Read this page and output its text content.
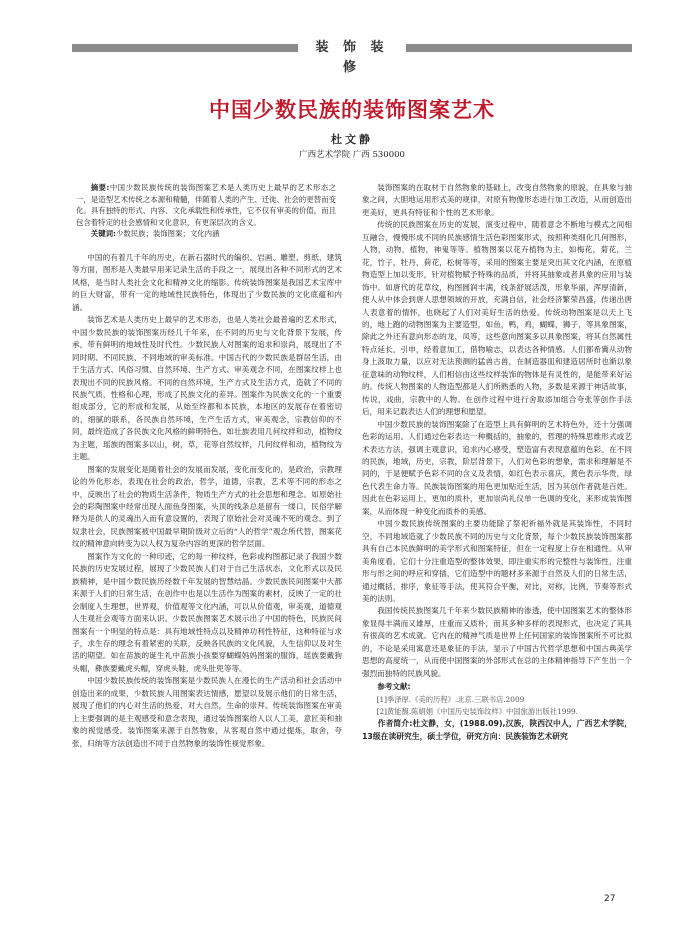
装 饰 装 修
中国少数民族的装饰图案艺术
杜文静
广西艺术学院 广西 530000

摘要:中国少数民族传统的装饰图案艺术是人类历史上最早的艺术形态之一，是造型艺术传统之本源和精髓，伴随着人类的产生、迁徙、社会的更替而变化。具有独特的形式、内容、文化承载性和传承性，它不仅有审美的价值，而且包含着特定的社会感情和文化意识，有更深层次的含义。

关键词:少数民族；装饰图案；文化内涵

中国的有着几千年的历史，在新石器时代的编织、岩画、雕塑、剪纸、建筑等方面，图形是人类最早用来记录生活的手段之一，展现出各种不同形式的艺术风格，是当时人类社会文化和精神文化的缩影。传统装饰图案是我国艺术宝库中的巨大财富，带有一定的地域性民族特色，体现出了少数民族的文化底蕴和内涵。

装饰艺术是人类历史上最早的艺术形态，也是人类社会最普遍的艺术形式，中国少数民族的装饰图案历经几千年来，在不同的历史与文化背景下发展，传承，带有鲜明的地域性及时代性。少数民族人对图案的追求和崇尚，展现出了不同时期、不同民族、不同地域的审美标准。中国古代的少数民族是群居生活，由于生活方式、风俗习惯、自然环境、生产方式、审美观念不同，在图案纹样上也表现出不同的民族风格。不同的自然环境，生产方式及生活方式，造就了不同的民族气质，性格和心理，形成了民族文化的差异。图案作为民族文化的一个重要组成部分，它的形成和发展，从始至终都和本民族，本地区的发展存在着密切的，细腻的联系，各民族自然环境，生产生活方式，审美观念，宗教信仰的不同，最终造成了各民族文化风格的鲜明特色。如壮族表用几何纹样和动，植物纹为主题，瑶族的图案多以山，树，草，花等自然纹样，几何纹样和动，植物纹为主题。

图案的发展变化是随着社会的发展而发展，变化而变化的，是政治，宗教理论的外化形态，表现在社会的政治，哲学，道德，宗教，艺术等不同的形态之中，反映出了社会的物质生活条件，物质生产方式的社会思想和理念。如原始社会的彩陶图案中经常出现人面鱼身图案，头顶的线条总是留有一缕口，民俗学解释为是供人的灵魂出入而有意设置的，表现了原始社会对灵魂不死的观念。到了奴隶社会，民族图案被中国最早期阶级对立后的“人的哲学”观念所代替，图案花纹的精神意向转变为以人权为复杂内容的更深的哲学层面。

图案作为文化的一种印迹，它的每一种纹样，色彩或构图都记录了我国少数民族的历史发展过程，展现了少数民族人们对于自己生活状态，文化形式以及民族精神，是中国少数民族历经数千年发展的智慧结晶。少数民族民间图案中大都来源于人们的日常生活，在创作中也是以生活作为图案的素材，反映了一定的社会制度人生理想，世界观，价值观等文化内涵，可以从价值观，审美观，道德观人生观社会观等方面来认识。少数民族图案艺术展示出了中国的特色，民族民间图案有一个明显的特点是：具有地域性特点以及精神功利性特征，这种特征与求子，求生存的理念有着紧密的关联，反映各民族的文化风貌，人生信仰以及对生活的期望。如在苗族的诞生礼中苗族小孩要穿蝴蝶妈妈图案的服饰，瑶族要戴狗头帽，彝族要戴虎头帽，穿虎头鞋，虎头肚兜等等。

中国少数民族传统的装饰图案是少数民族人在漫长的生产活动和社会活动中创造出来的成果，少数民族人用图案表达情感，愿望以及展示他们的日常生活，展现了他们的内心对生活的热爱，对大自然，生命的崇拜。传统装饰图案在审美上主要强调的是主观感受和意念表现，通过装饰图案给人以人工美，意匠美和抽象的视觉感受。装饰图案来源于自然物象，从客观自然中通过提炼，取舍，夸张，归纳等方法创造出不同于自然物象的装饰性视觉形象。

装饰图案的在取材于自然物象的基础上，改变自然物象的原貌，在具象与抽象之间，大胆地运用形式美的规律，对原有物像形态进行加工改造，从而创造出更美好，更具有特征和个性的艺术形象。

传统的民族图案在历史的发展，演变过程中，随着意念不断地与模式之间相互融合，慢慢形成不同的民族感情生活色彩图案形式，按照种类细化几何图形，人物，动物，植物，神鬼等等。植物图案以花卉植物为主，如梅花，菊花，兰花，竹子，牡丹，荷花，松树等等，采用的图案主要是突出其文化内涵，在原植物造型上加以变形，针对植物赋予特殊的品质，并将其抽象或者具象的应用与装饰中。如唐代的花草纹，构图圆润丰满，线条舒展活泼，形象华丽，浑厚清新，使人从中体会到唐人思想领域的开放，充满自信，社会经济繁荣昌盛，传递出唐人表意着的情怀，也晓起了人们对美好生活的热爱。传统动物图案是以天上飞的，地上跑的动物图案为主要造型，如鱼，鸭，鸡，蝴蝶，狮子，等具象图案，除此之外还有意向形态的龙，凤等，这些意向图案多以具象图案，将其自然属性特点延长，引申，经着意加工，借物喻志，以表达各种情感。人们都希冀从动物身上汲取力量，以应对无法预测的猛兽古兽，在制造器皿和建造居所时也渐以象征意味的动物纹样，人们相信由这些纹样装饰的物体是有灵性的，是能带来好运的。传统人物图案的人物造型都是人们所熟悉的人物，多数是来源于神话故事，传说，戏曲，宗教中的人物。在创作过程中进行舍取添加组合夸张等创作手法后，用来记载表达人们的理想和愿望。

中国少数民族的装饰图案除了在造型上具有鲜明的艺术特色外，还十分强调色彩的运用。人们通过色彩表达一种概括的，抽象的，哲理的特殊思维形式或艺术表达方法，强调主观意识，追求内心感受，塑造富有表现意蕴的色彩。在不同的民族，地域，历史，宗教，阶层背景下，人们对色彩的想象，需求和理解是不同的，于是便赋予色彩不同的含义及表情，如红色表示喜庆，黄色表示华贵，绿色代表生命力等。民族装饰图案的用色更加贴近生活，因为其创作者就是百姓。因此在色彩运用上，更加的质朴，更加崇尚礼仪单一色调的变化，来形成装饰图案，从而体现一种变化而质朴的美感。

中国少数民族传统图案的主要功能除了祭祀祈福外就是其装饰性，不同时空，不同地域造就了少数民族不同的历史与文化背景，每个少数民族装饰图案都具有自己本民族鲜明的美学形式和图案特征，但在一定程度上存在相通性。从审美角度看，它们十分注重造型的整体效果，即注重实形的完整性与装饰性，注重形与形之间的呼应和穿插，它们造型中的题材多来源于自然及人们的日常生活，通过概括，排序，象征等手法，使其符合平衡，对比，对称，比例，节奏等形式美的法则。

我国传统民族图案几千年来少数民族精神的渗透，使中国图案艺术的整体形象显得丰满而又雄厚，庄重而又质朴，而其多种多样的表现形式，也决定了其具有很高的艺术成就。它内在的精神气质是世界上任何国家的装饰图案所不可比拟的，不论是采用寓意还是象征的手法，显示了中国古代哲学思想和中国古典美学思想的高度统一，从而使中国图案的外部形式在总的主体精神指导下产生出一个强烈而独特的民族风貌。

参考文献:

[1]季泽厚.《美的历程》.北京.三联书店.2009

[2]黄能馥.陈娟娟《中国历史装饰纹样》中国旅游出版社1999.

作者简介:杜文静，女，(1988.09),汉族，陕西汉中人，广西艺术学院，13级在读研究生，硕士学位，研究方向：民族装饰艺术研究

27
